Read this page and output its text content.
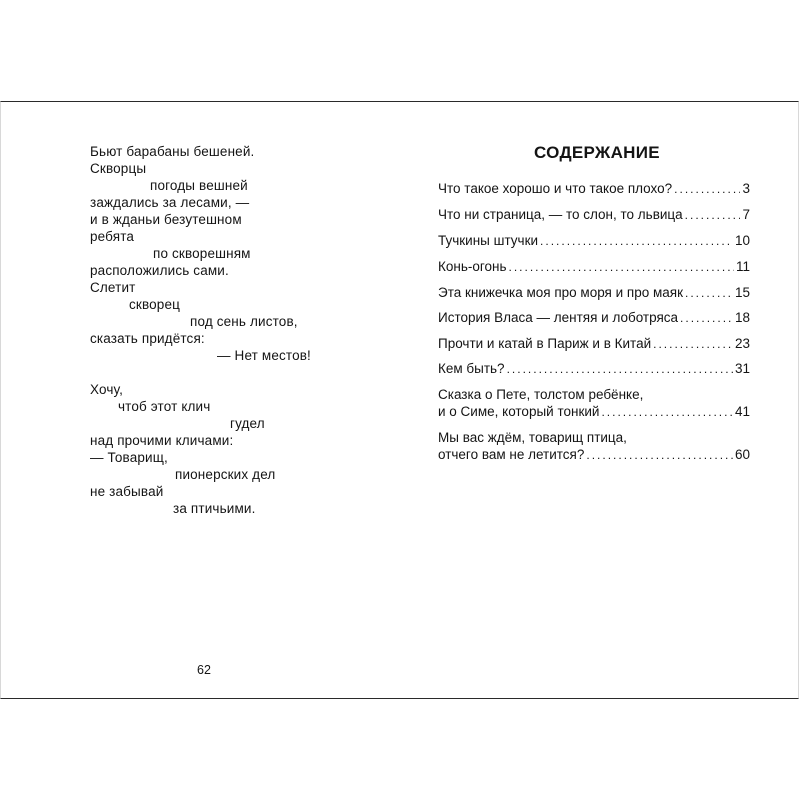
Бьют барабаны бешеней.
Скворцы
погоды вешней
заждались за лесами, —
и в жданьи безутешном
ребята
по скворешням
расположились сами.
Слетит
скворец
под сень листов,
сказать придётся:
— Нет местов!
Хочу,
чтоб этот клич
гудел
над прочими кличами:
— Товарищ,
пионерских дел
не забывай
за птичьими.
62
СОДЕРЖАНИЕ
Что такое хорошо и что такое плохо? .....	3
Что ни страница, — то слон, то львица .....	7
Тучкины штучки .....	10
Конь-огонь .....	11
Эта книжечка моя про моря и про маяк .....	15
История Власа — лентяя и лоботряса .....	18
Прочти и катай в Париж и в Китай .....	23
Кем быть? .....	31
Сказка о Пете, толстом ребёнке,
и о Симе, который тонкий .....	41
Мы вас ждём, товарищ птица,
отчего вам не летится? .....	60
